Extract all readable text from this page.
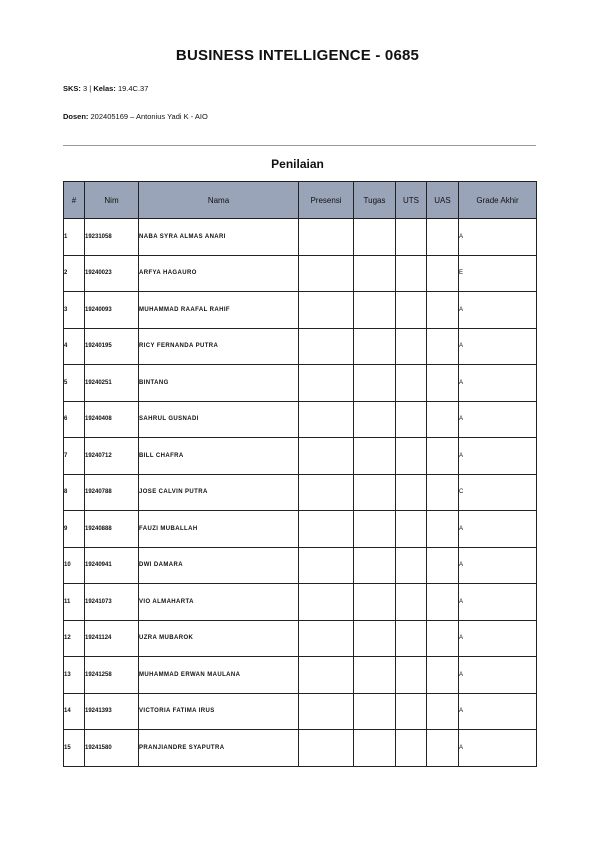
BUSINESS INTELLIGENCE - 0685
SKS: 3 | Kelas: 19.4C.37
Dosen: 202405169 – Antonius Yadi K - AIO
Penilaian
#	Nim	Nama	Presensi	Tugas	UTS	UAS	Grade Akhir
1	19231058	NABA SYRA ALMAS ANARI					A
2	19240023	ARFYA HAGAURO					E
3	19240093	MUHAMMAD RAAFAL RAHIF					A
4	19240195	RICY FERNANDA PUTRA					A
5	19240251	BINTANG					A
6	19240408	SAHRUL GUSNADI					A
7	19240712	BILL CHAFRA					A
8	19240788	JOSE CALVIN PUTRA					C
9	19240888	FAUZI MUBALLAH					A
10	19240941	DWI DAMARA					A
11	19241073	VIO ALMAHARTA					A
12	19241124	UZRA MUBAROK					A
13	19241258	MUHAMMAD ERWAN MAULANA					A
14	19241393	VICTORIA FATIMA IRUS					A
15	19241580	PRANJIANDRE SYAPUTRA					A
